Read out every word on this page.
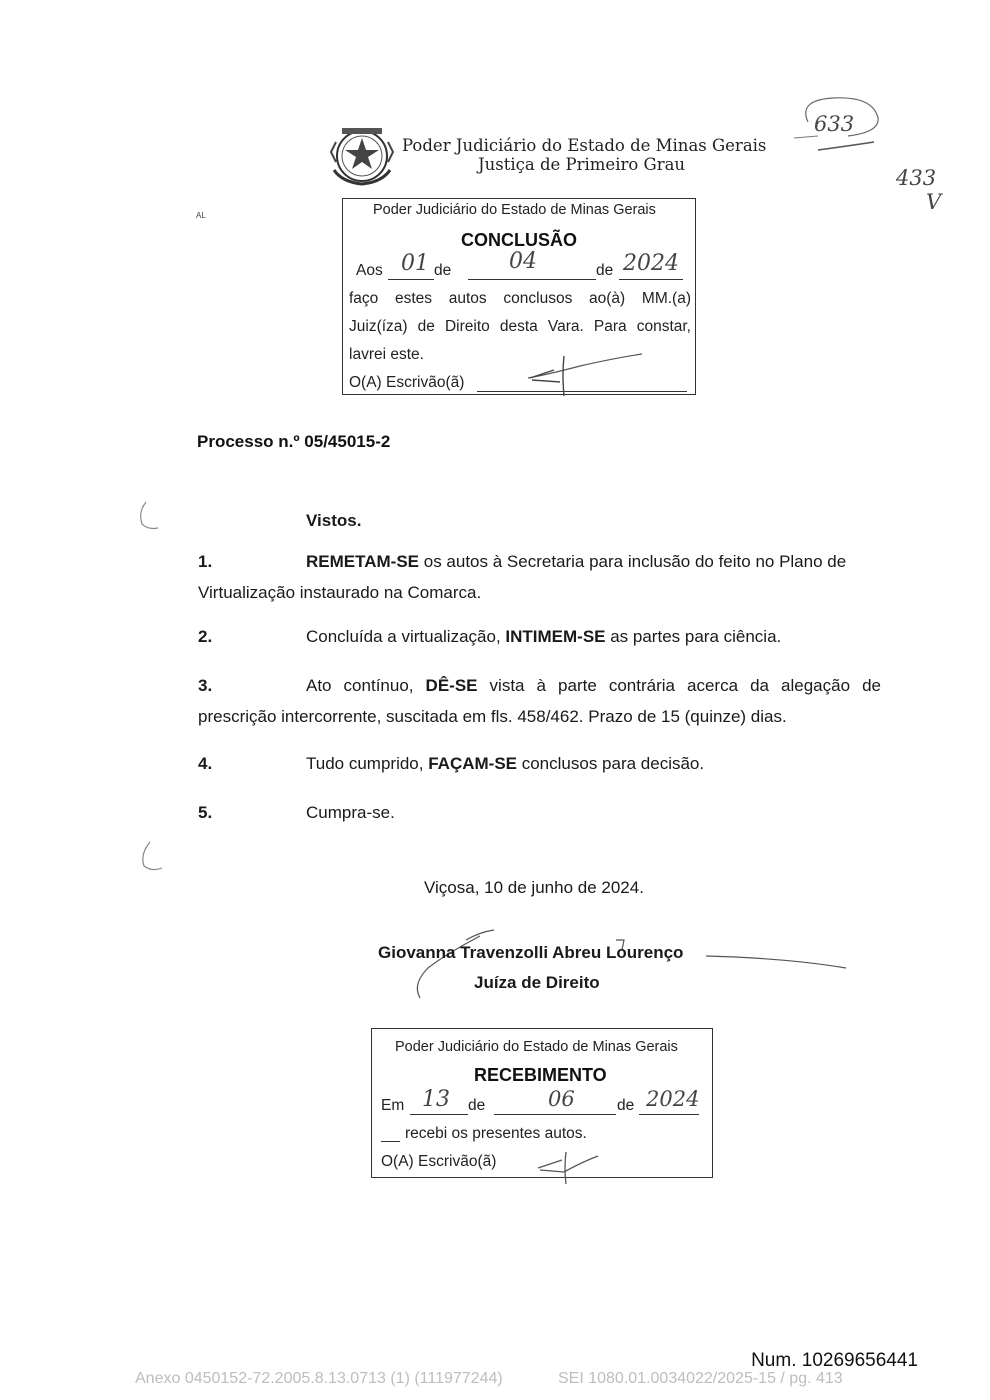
Poder Judiciário do Estado de Minas Gerais
Justiça de Primeiro Grau
633
433
V
AL	Poder Judiciário do Estado de Minas Gerais
CONCLUSÃO
Aos 01 de	04	de 2024
faço estes autos conclusos ao(à) MM.(a)
Juiz(íza) de Direito desta Vara. Para constar,
lavrei este.
O(A) Escrivão(ã)
Processo n.º 05/45015-2
Vistos.
1.	REMETAM-SE os autos à Secretaria para inclusão do feito no Plano de
Virtualização instaurado na Comarca.
2.	Concluída a virtualização, INTIMEM-SE as partes para ciência.
3.	Ato contínuo, DÊ-SE vista à parte contrária acerca da alegação de
prescrição intercorrente, suscitada em fls. 458/462. Prazo de 15 (quinze) dias.
4.	Tudo cumprido, FAÇAM-SE conclusos para decisão.
5.	Cumpra-se.
Viçosa, 10 de junho de 2024.
Giovanna Travenzolli Abreu Lourenço
Juíza de Direito
Poder Judiciário do Estado de Minas Gerais
RECEBIMENTO
Em 13 de	06	de 2024
recebi os presentes autos.
O(A) Escrivão(ã)
Num. 10269656441
Anexo 0450152-72.2005.8.13.0713 (1) (111977244)	SEI 1080.01.0034022/2025-15 / pg. 413
